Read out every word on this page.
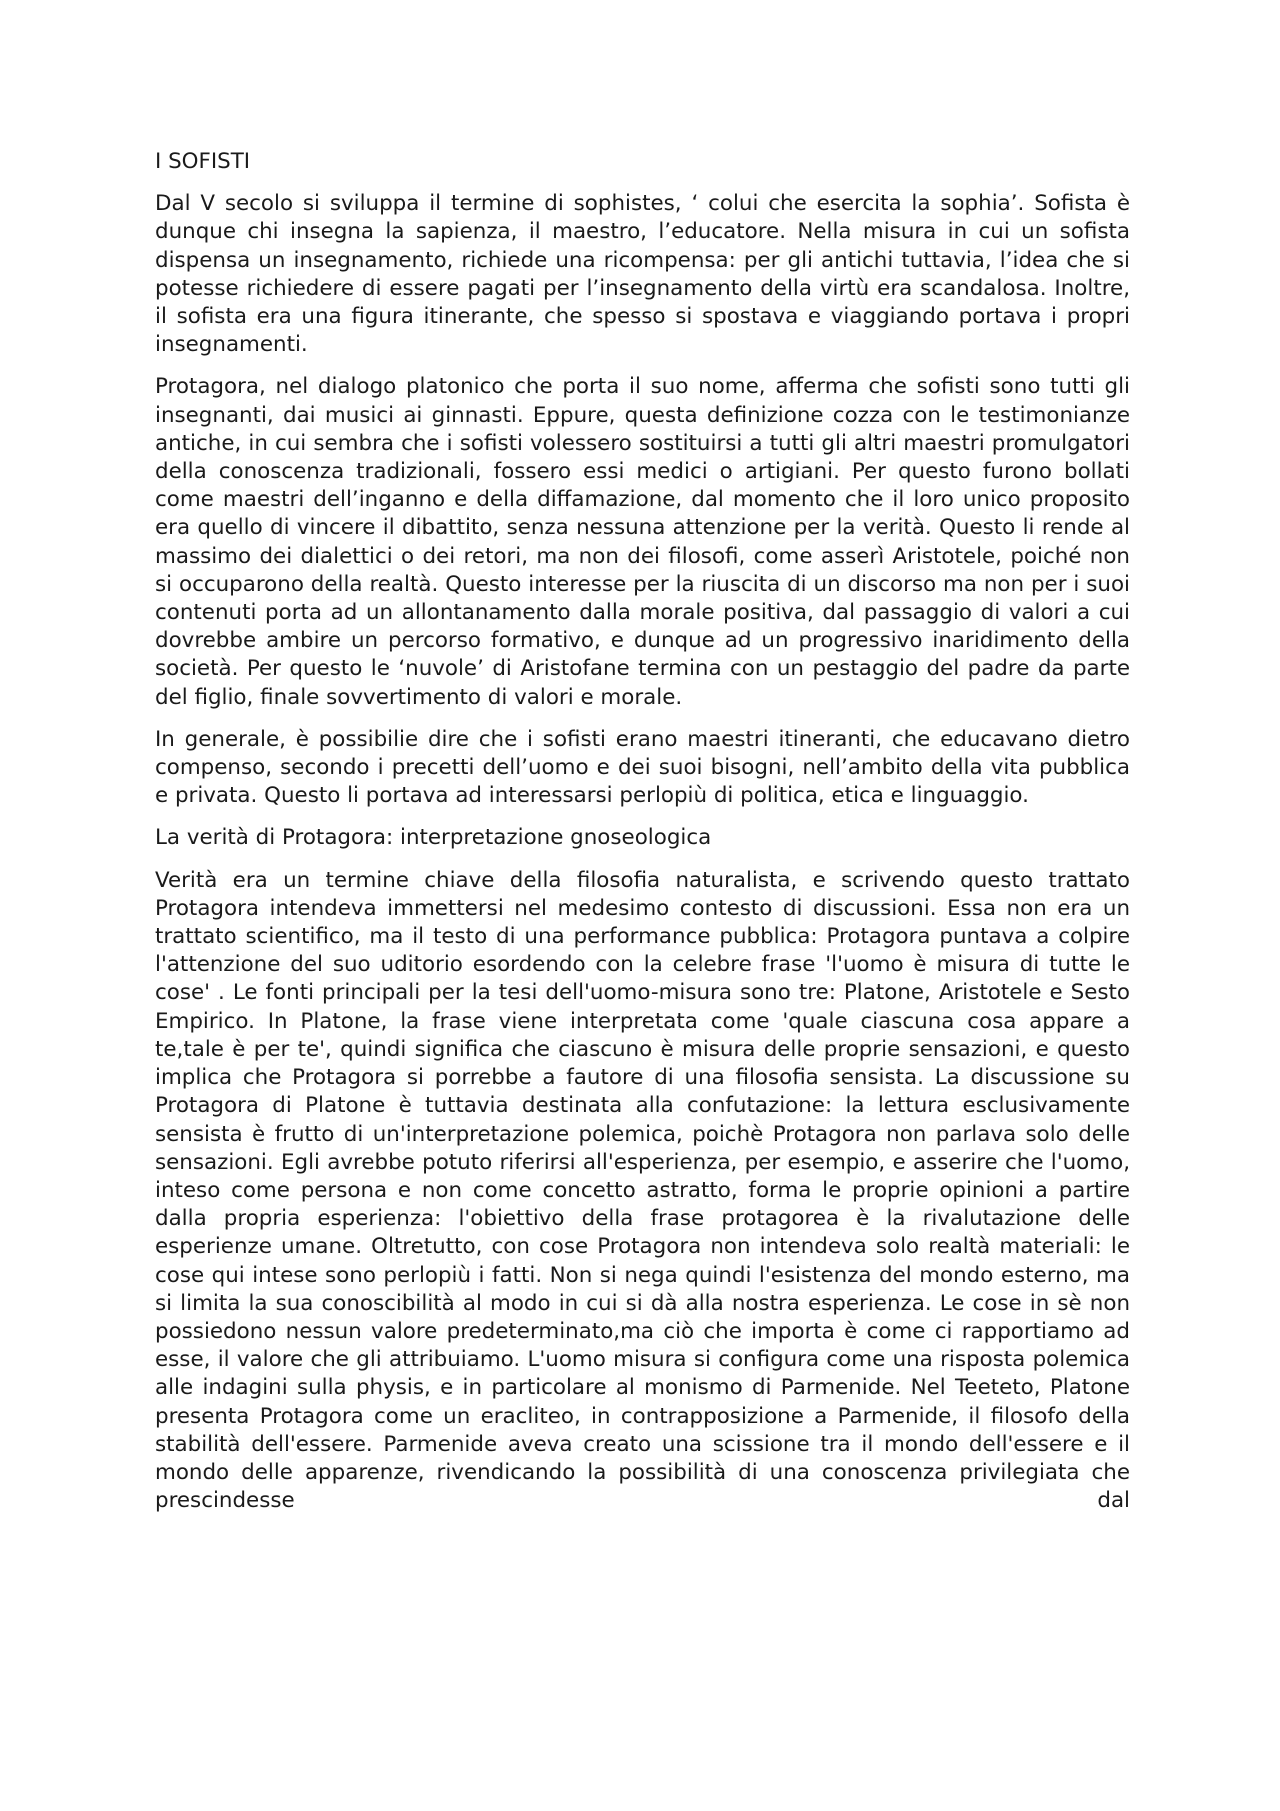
I SOFISTI

Dal V secolo si sviluppa il termine di sophistes, ‘ colui che esercita la sophia’. Sofista è dunque chi insegna la sapienza, il maestro, l’educatore. Nella misura in cui un sofista dispensa un insegnamento, richiede una ricompensa: per gli antichi tuttavia, l’idea che si potesse richiedere di essere pagati per l’insegnamento della virtù era scandalosa. Inoltre, il sofista era una figura itinerante, che spesso si spostava e viaggiando portava i propri insegnamenti.

Protagora, nel dialogo platonico che porta il suo nome, afferma che sofisti sono tutti gli insegnanti, dai musici ai ginnasti. Eppure, questa definizione cozza con le testimonianze antiche, in cui sembra che i sofisti volessero sostituirsi a tutti gli altri maestri promulgatori della conoscenza tradizionali, fossero essi medici o artigiani. Per questo furono bollati come maestri dell’inganno e della diffamazione, dal momento che il loro unico proposito era quello di vincere il dibattito, senza nessuna attenzione per la verità. Questo li rende al massimo dei dialettici o dei retori, ma non dei filosofi, come asserì Aristotele, poiché non si occuparono della realtà. Questo interesse per la riuscita di un discorso ma non per i suoi contenuti porta ad un allontanamento dalla morale positiva, dal passaggio di valori a cui dovrebbe ambire un percorso formativo, e dunque ad un progressivo inaridimento della società. Per questo le ‘nuvole’ di Aristofane termina con un pestaggio del padre da parte del figlio, finale sovvertimento di valori e morale.

In generale, è possibilie dire che i sofisti erano maestri itineranti, che educavano dietro compenso, secondo i precetti dell’uomo e dei suoi bisogni, nell’ambito della vita pubblica e privata. Questo li portava ad interessarsi perlopiù di politica, etica e linguaggio.

La verità di Protagora: interpretazione gnoseologica

Verità era un termine chiave della filosofia naturalista, e scrivendo questo trattato Protagora intendeva immettersi nel medesimo contesto di discussioni. Essa non era un trattato scientifico, ma il testo di una performance pubblica: Protagora puntava a colpire l'attenzione del suo uditorio esordendo con la celebre frase 'l'uomo è misura di tutte le cose' . Le fonti principali per la tesi dell'uomo-misura sono tre: Platone, Aristotele e Sesto Empirico. In Platone, la frase viene interpretata come 'quale ciascuna cosa appare a te,tale è per te', quindi significa che ciascuno è misura delle proprie sensazioni, e questo implica che Protagora si porrebbe a fautore di una filosofia sensista. La discussione su Protagora di Platone è tuttavia destinata alla confutazione: la lettura esclusivamente sensista è frutto di un'interpretazione polemica, poichè Protagora non parlava solo delle sensazioni. Egli avrebbe potuto riferirsi all'esperienza, per esempio, e asserire che l'uomo, inteso come persona e non come concetto astratto, forma le proprie opinioni a partire dalla propria esperienza: l'obiettivo della frase protagorea è la rivalutazione delle esperienze umane. Oltretutto, con cose Protagora non intendeva solo realtà materiali: le cose qui intese sono perlopiù i fatti. Non si nega quindi l'esistenza del mondo esterno, ma si limita la sua conoscibilità al modo in cui si dà alla nostra esperienza. Le cose in sè non possiedono nessun valore predeterminato,ma ciò che importa è come ci rapportiamo ad esse, il valore che gli attribuiamo. L'uomo misura si configura come una risposta polemica alle indagini sulla physis, e in particolare al monismo di Parmenide. Nel Teeteto, Platone presenta Protagora come un eracliteo, in contrapposizione a Parmenide, il filosofo della stabilità dell'essere. Parmenide aveva creato una scissione tra il mondo dell'essere e il mondo delle apparenze, rivendicando la possibilità di una conoscenza privilegiata che prescindesse dal
